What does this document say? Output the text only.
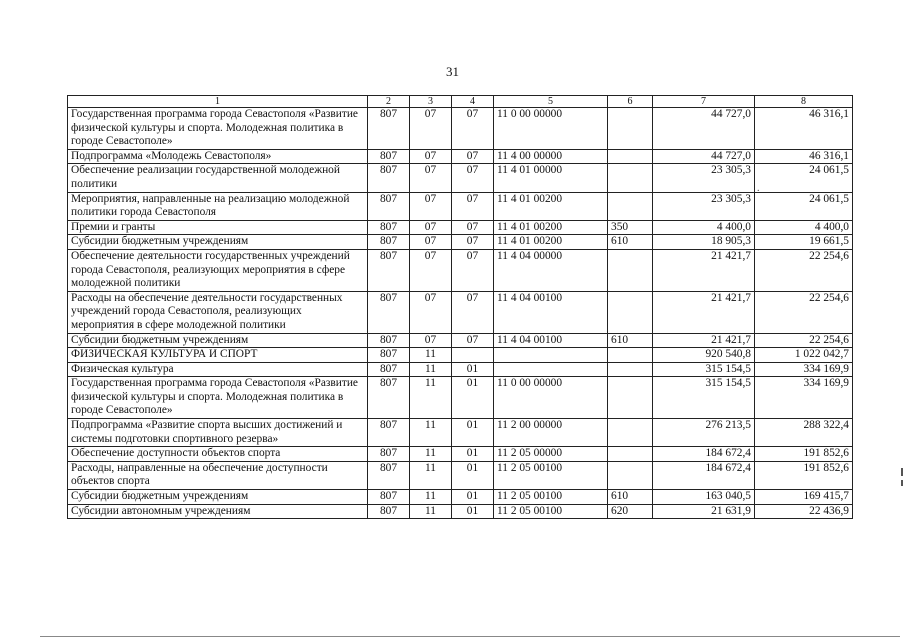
31
1	2	3	4	5	6	7	8
Государственная программа города Севастополя «Развитие физической культуры и спорта. Молодежная политика в городе Севастополе»	807	07	07	11 0 00 00000		44 727,0	46 316,1
Подпрограмма «Молодежь Севастополя»	807	07	07	11 4 00 00000		44 727,0	46 316,1
Обеспечение реализации государственной молодежной политики	807	07	07	11 4 01 00000		23 305,3	24 061,5
Мероприятия, направленные на реализацию молодежной политики города Севастополя	807	07	07	11 4 01 00200		23 305,3	24 061,5
Премии и гранты	807	07	07	11 4 01 00200	350	4 400,0	4 400,0
Субсидии бюджетным учреждениям	807	07	07	11 4 01 00200	610	18 905,3	19 661,5
Обеспечение деятельности государственных учреждений города Севастополя, реализующих мероприятия в сфере молодежной политики	807	07	07	11 4 04 00000		21 421,7	22 254,6
Расходы на обеспечение деятельности государственных учреждений города Севастополя, реализующих мероприятия в сфере молодежной политики	807	07	07	11 4 04 00100		21 421,7	22 254,6
Субсидии бюджетным учреждениям	807	07	07	11 4 04 00100	610	21 421,7	22 254,6
ФИЗИЧЕСКАЯ КУЛЬТУРА И СПОРТ	807	11				920 540,8	1 022 042,7
Физическая культура	807	11	01			315 154,5	334 169,9
Государственная программа города Севастополя «Развитие физической культуры и спорта. Молодежная политика в городе Севастополе»	807	11	01	11 0 00 00000		315 154,5	334 169,9
Подпрограмма «Развитие спорта высших достижений и системы подготовки спортивного резерва»	807	11	01	11 2 00 00000		276 213,5	288 322,4
Обеспечение доступности объектов спорта	807	11	01	11 2 05 00000		184 672,4	191 852,6
Расходы, направленные на обеспечение доступности объектов спорта	807	11	01	11 2 05 00100		184 672,4	191 852,6
Субсидии бюджетным учреждениям	807	11	01	11 2 05 00100	610	163 040,5	169 415,7
Субсидии автономным учреждениям	807	11	01	11 2 05 00100	620	21 631,9	22 436,9
.
